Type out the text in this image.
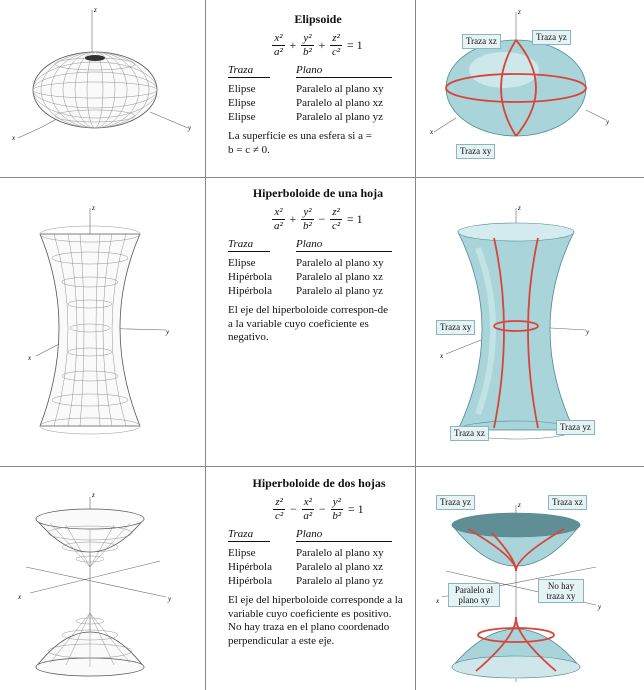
z
x
y
Elipsoide
$\frac{\text{x²}}{\text{a²}} + \frac{\text{y²}}{\text{b²}} + \frac{\text{z²}}{\text{c²}} = 1$
Traza	Plano
Elipse	Paralelo al plano xy
Elipse	Paralelo al plano xz
Elipse	Paralelo al plano yz
La superficie es una esfera si a = b = c ≠ 0.
z
x
y
Traza xz	Traza yz
Traza xy
z
x
y
Hiperboloide de una hoja
$\frac{\text{x²}}{\text{a²}} + \frac{\text{y²}}{\text{b²}} - \frac{\text{z²}}{\text{c²}} = 1$
Traza	Plano
Elipse	Paralelo al plano xy
Hipérbola	Paralelo al plano xz
Hipérbola	Paralelo al plano yz
El eje del hiperboloide correspon-de a la variable cuyo coeficiente es negativo.
z
x
y
Traza xy
Traza xz
Traza yz
z
x	y
Hiperboloide de dos hojas
$\frac{\text{z²}}{\text{c²}} - \frac{\text{x²}}{\text{a²}} - \frac{\text{y²}}{\text{b²}} = 1$
Traza	Plano
Elipse	Paralelo al plano xy
Hipérbola	Paralelo al plano xz
Hipérbola	Paralelo al plano yz
El eje del hiperboloide corresponde a la variable cuyo coeficiente es positivo. No hay traza en el plano coordenado perpendicular a este eje.
z
x
y
Traza yz	Traza xz
Paralelo al plano xy
No hay traza xy
